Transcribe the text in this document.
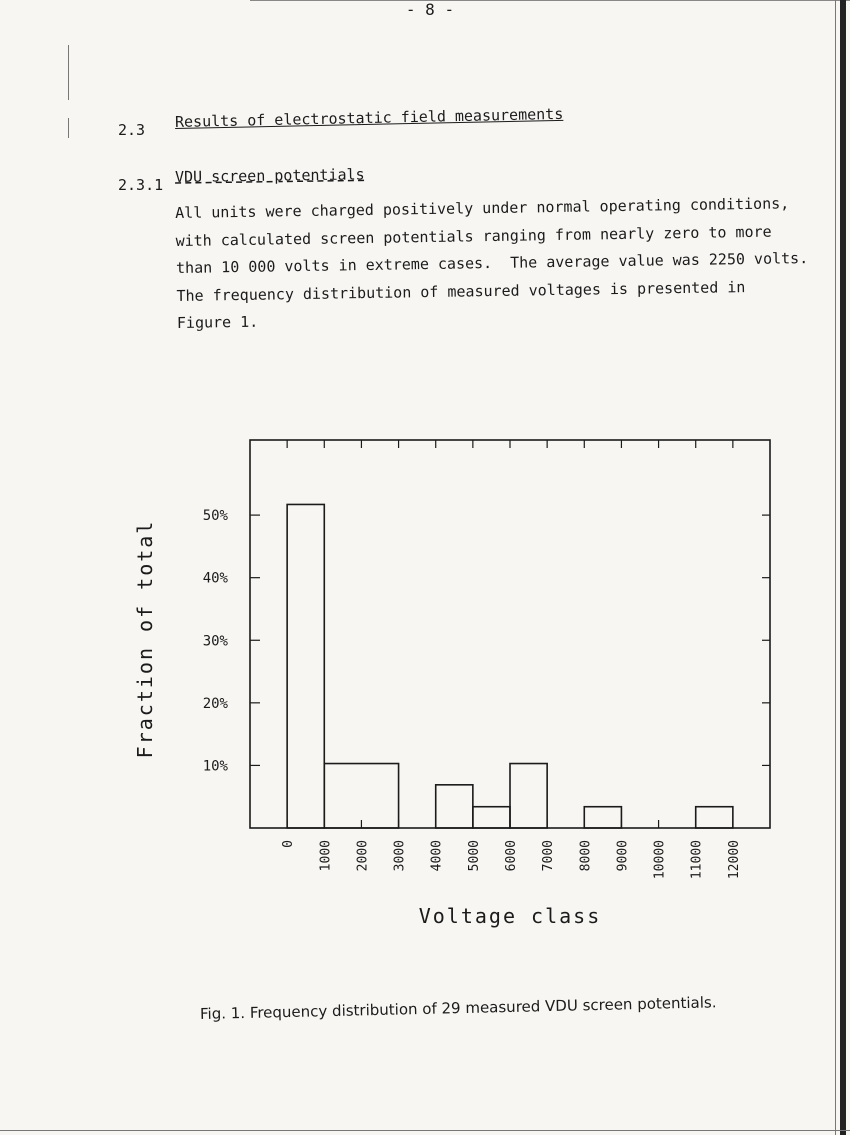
- 8 -
2.3 Results of electrostatic field measurements
2.3.1 VDU screen potentials
All units were charged positively under normal operating conditions,
with calculated screen potentials ranging from nearly zero to more
than 10 000 volts in extreme cases.  The average value was 2250 volts.
The frequency distribution of measured voltages is presented in
Figure 1.
0 1000 2000 3000 4000 5000 6000 7000 8000 9000 10000 11000 12000
10%
20%
30%
40%
50%
Voltage class
Fraction of total
Fig. 1. Frequency distribution of 29 measured VDU screen potentials.
